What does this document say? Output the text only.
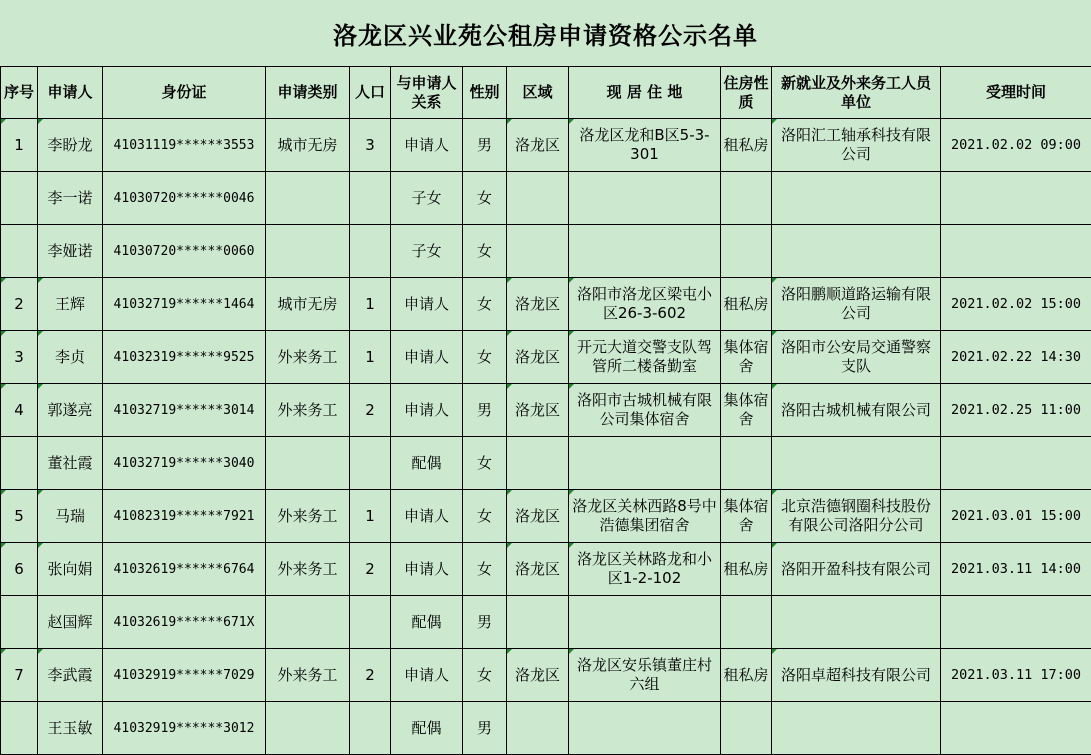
洛龙区兴业苑公租房申请资格公示名单
序号	申请人	身份证	申请类别	人口	与申请人关系	性别	区域	现 居 住 地	住房性质	新就业及外来务工人员单位	受理时间
1	李盼龙	41031119******3553	城市无房	3	申请人	男	洛龙区	洛龙区龙和B区5-3-301	租私房	洛阳汇工轴承科技有限公司	2021.02.02 09:00
	李一诺	41030720******0046			子女	女					
	李娅诺	41030720******0060			子女	女					
2	王辉	41032719******1464	城市无房	1	申请人	女	洛龙区	洛阳市洛龙区梁屯小区26-3-602	租私房	洛阳鹏顺道路运输有限公司	2021.02.02 15:00
3	李贞	41032319******9525	外来务工	1	申请人	女	洛龙区	开元大道交警支队驾管所二楼备勤室	集体宿舍	洛阳市公安局交通警察支队	2021.02.22 14:30
4	郭遂亮	41032719******3014	外来务工	2	申请人	男	洛龙区	洛阳市古城机械有限公司集体宿舍	集体宿舍	洛阳古城机械有限公司	2021.02.25 11:00
	董社霞	41032719******3040			配偶	女					
5	马瑞	41082319******7921	外来务工	1	申请人	女	洛龙区	洛龙区关林西路8号中浩德集团宿舍	集体宿舍	北京浩德钢圈科技股份有限公司洛阳分公司	2021.03.01 15:00
6	张向娟	41032619******6764	外来务工	2	申请人	女	洛龙区	洛龙区关林路龙和小区1-2-102	租私房	洛阳开盈科技有限公司	2021.03.11 14:00
	赵国辉	41032619******671X			配偶	男					
7	李武霞	41032919******7029	外来务工	2	申请人	女	洛龙区	洛龙区安乐镇董庄村六组	租私房	洛阳卓超科技有限公司	2021.03.11 17:00
	王玉敏	41032919******3012			配偶	男					
